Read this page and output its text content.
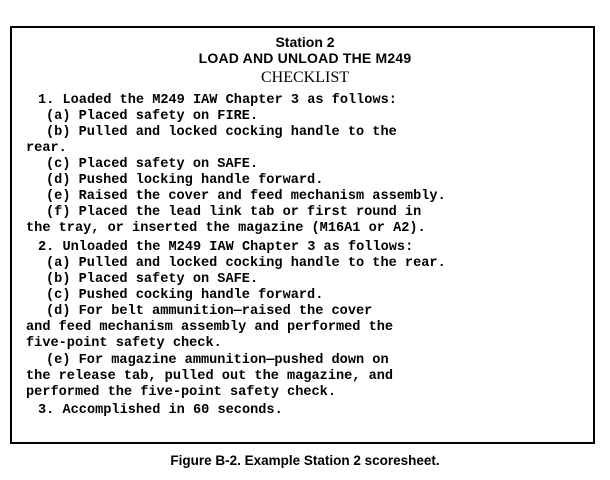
Station 2
LOAD AND UNLOAD THE M249
CHECKLIST

1. Loaded the M249 IAW Chapter 3 as follows:

(a) Placed safety on FIRE.

(b) Pulled and locked cocking handle to the

rear.

(c) Placed safety on SAFE.

(d) Pushed locking handle forward.

(e) Raised the cover and feed mechanism assembly.

(f) Placed the lead link tab or first round in

the tray, or inserted the magazine (M16A1 or A2).

2. Unloaded the M249 IAW Chapter 3 as follows:

(a) Pulled and locked cocking handle to the rear.

(b) Placed safety on SAFE.

(c) Pushed cocking handle forward.

(d) For belt ammunition—raised the cover

and feed mechanism assembly and performed the

five-point safety check.

(e) For magazine ammunition—pushed down on

the release tab, pulled out the magazine, and

performed the five-point safety check.

3. Accomplished in 60 seconds.

Figure B-2. Example Station 2 scoresheet.
